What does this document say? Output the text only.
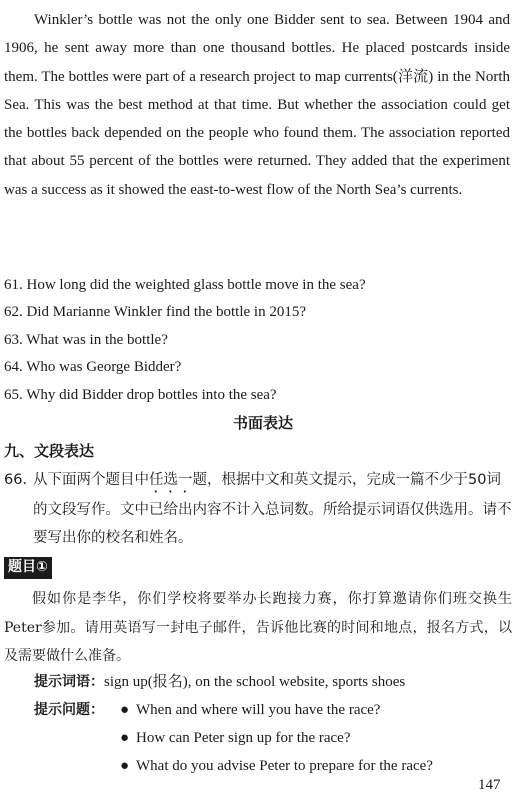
Winkler’s bottle was not the only one Bidder sent to sea. Between 1904 and 1906, he sent away more than one thousand bottles. He placed postcards inside them. The bottles were part of a research project to map currents(洋流) in the North Sea. This was the best method at that time. But whether the association could get the bottles back depended on the people who found them. The association reported that about 55 percent of the bottles were returned. They added that the experiment was a success as it showed the east-to-west flow of the North Sea’s currents.

61. How long did the weighted glass bottle move in the sea?
62. Did Marianne Winkler find the bottle in 2015?
63. What was in the bottle?
64. Who was George Bidder?
65. Why did Bidder drop bottles into the sea?
书面表达
九、文段表达
66. 从下面两个题目中任选一题，根据中文和英文提示，完成一篇不少于50词的文段写作。文中已给出内容不计入总词数。所给提示词语仅供选用。请不要写出你的校名和姓名。
题目①

假如你是李华，你们学校将要举办长跑接力赛，你打算邀请你们班交换生Peter参加。请用英语写一封电子邮件，告诉他比赛的时间和地点，报名方式，以及需要做什么准备。

提示词语：sign up(报名), on the school website, sports shoes
提示问题： ● When and where will you have the race?
● How can Peter sign up for the race?
● What do you advise Peter to prepare for the race?
147
